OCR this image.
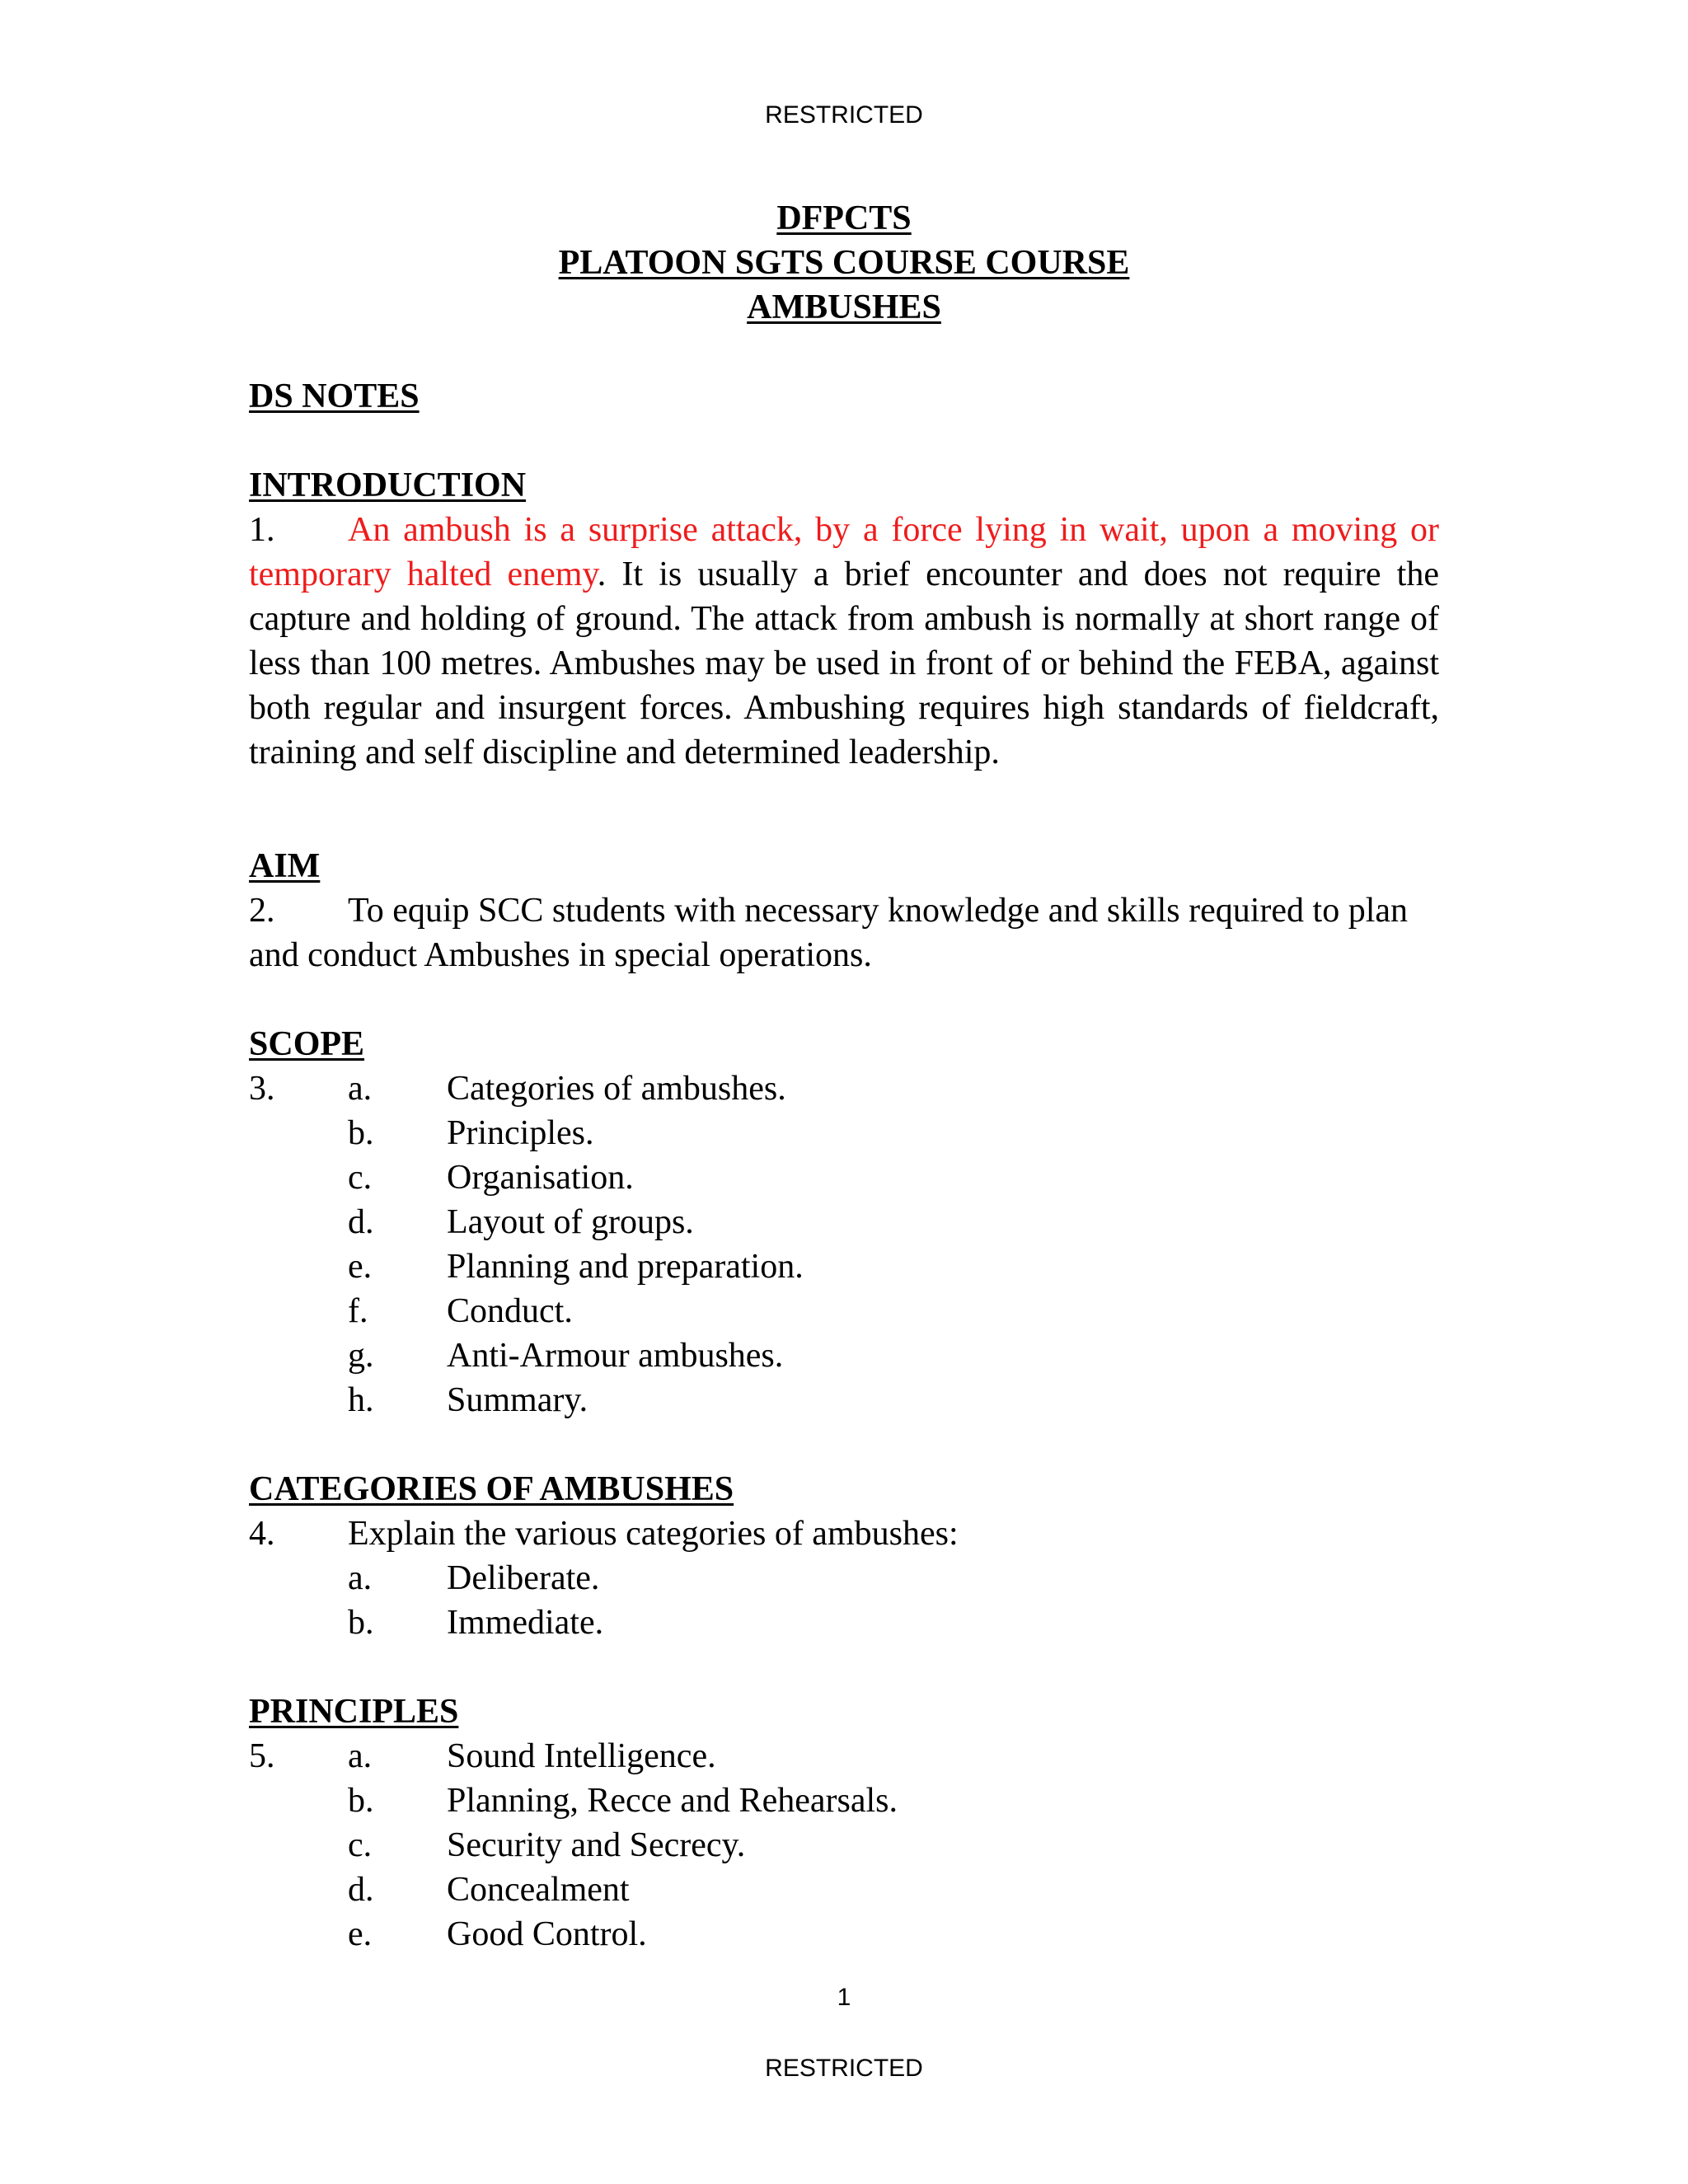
RESTRICTED
DFPCTS
PLATOON SGTS COURSE COURSE
AMBUSHES
DS NOTES
INTRODUCTION
1. An ambush is a surprise attack, by a force lying in wait, upon a moving or temporary halted enemy. It is usually a brief encounter and does not require the capture and holding of ground. The attack from ambush is normally at short range of less than 100 metres. Ambushes may be used in front of or behind the FEBA, against both regular and insurgent forces. Ambushing requires high standards of fieldcraft, training and self discipline and determined leadership.
AIM
2. To equip SCC students with necessary knowledge and skills required to plan and conduct Ambushes in special operations.
SCOPE
3. a. Categories of ambushes.
b. Principles.
c. Organisation.
d. Layout of groups.
e. Planning and preparation.
f. Conduct.
g. Anti-Armour ambushes.
h. Summary.
CATEGORIES OF AMBUSHES
4. Explain the various categories of ambushes:
a. Deliberate.
b. Immediate.
PRINCIPLES
5. a. Sound Intelligence.
b. Planning, Recce and Rehearsals.
c. Security and Secrecy.
d. Concealment
e. Good Control.
1
RESTRICTED
